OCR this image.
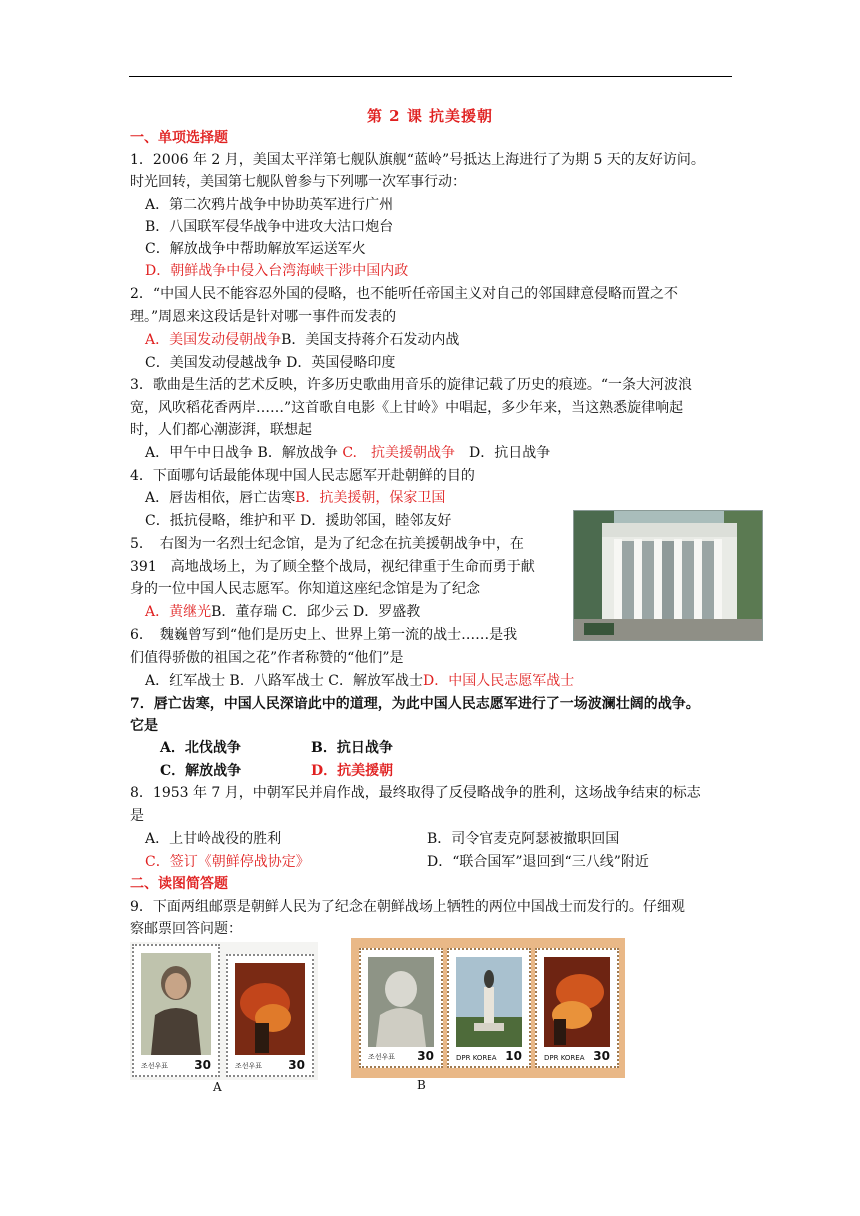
第 2 课 抗美援朝
一、单项选择题
1．2006 年 2 月，美国太平洋第七舰队旗舰“蓝岭”号抵达上海进行了为期 5 天的友好访问。
时光回转，美国第七舰队曾参与下列哪一次军事行动：
A．第二次鸦片战争中协助英军进行广州
B．八国联军侵华战争中进攻大沽口炮台
C．解放战争中帮助解放军运送军火
D．朝鲜战争中侵入台湾海峡干涉中国内政
2．“中国人民不能容忍外国的侵略，也不能听任帝国主义对自己的邻国肆意侵略而置之不
理。”周恩来这段话是针对哪一事件而发表的
A．美国发动侵朝战争B．美国支持蒋介石发动内战
C．美国发动侵越战争 D．英国侵略印度
3．歌曲是生活的艺术反映，许多历史歌曲用音乐的旋律记载了历史的痕迹。“一条大河波浪
宽，风吹稻花香两岸……”这首歌自电影《上甘岭》中唱起，多少年来，当这熟悉旋律响起
时，人们都心潮澎湃，联想起
A．甲午中日战争 B．解放战争 C.　抗美援朝战争　 D．抗日战争
4．下面哪句话最能体现中国人民志愿军开赴朝鲜的目的
A．唇齿相依，唇亡齿寒B．抗美援朝，保家卫国
C．抵抗侵略，维护和平 D．援助邻国，睦邻友好
5．　右图为一名烈士纪念馆，是为了纪念在抗美援朝战争中，在
391　高地战场上，为了顾全整个战局，视纪律重于生命而勇于献
身的一位中国人民志愿军。你知道这座纪念馆是为了纪念
A．黄继光B．董存瑞 C．邱少云 D．罗盛教
6．　魏巍曾写到“他们是历史上、世界上第一流的战士……是我
们值得骄傲的祖国之花”作者称赞的“他们”是
A．红军战士 B．八路军战士 C．解放军战士D．中国人民志愿军战士
7．唇亡齿寒，中国人民深谙此中的道理，为此中国人民志愿军进行了一场波澜壮阔的战争。
它是
A．北伐战争	B．抗日战争
C．解放战争	D．抗美援朝
8．1953 年 7 月，中朝军民并肩作战，最终取得了反侵略战争的胜利，这场战争结束的标志
是
A．上甘岭战役的胜利	B．司令官麦克阿瑟被撤职回国
C．签订《朝鲜停战协定》	D．“联合国军”退回到“三八线”附近
二、读图简答题
9．下面两组邮票是朝鲜人民为了纪念在朝鲜战场上牺牲的两位中国战士而发行的。仔细观
察邮票回答问题：
조선우표 30	조선우표 30
A
조선우표 30	DPR KOREA 10	DPR KOREA 30
B
